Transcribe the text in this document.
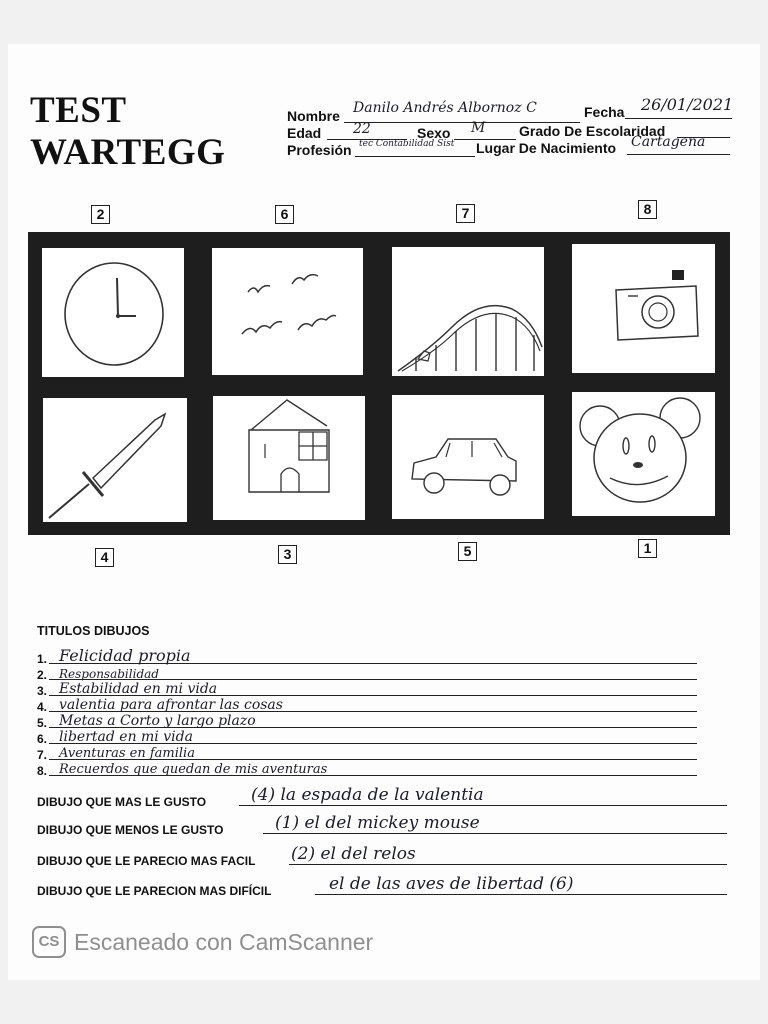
TEST
WARTEGG
Nombre Danilo Andrés Albornoz C	Fecha 26/01/2021
Edad 22	Sexo M Grado De Escolaridad
Profesión tec Contabilidad Sist Lugar De Nacimiento Cartagena
2	6	7	8
4	3	5	1
TITULOS DIBUJOS
1. Felicidad propia
2. Responsabilidad
3. Estabilidad en mi vida
4. valentia para afrontar las cosas
5. Metas a Corto y largo plazo
6. libertad en mi vida
7. Aventuras en familia
8. Recuerdos que quedan de mis aventuras
DIBUJO QUE MAS LE GUSTO	(4) la espada de la valentia
DIBUJO QUE MENOS LE GUSTO	(1) el del mickey mouse
DIBUJO QUE LE PARECIO MAS FACIL (2) el del relos
DIBUJO QUE LE PARECION MAS DIFÍCIL	el de las aves de libertad (6)
CS Escaneado con CamScanner
